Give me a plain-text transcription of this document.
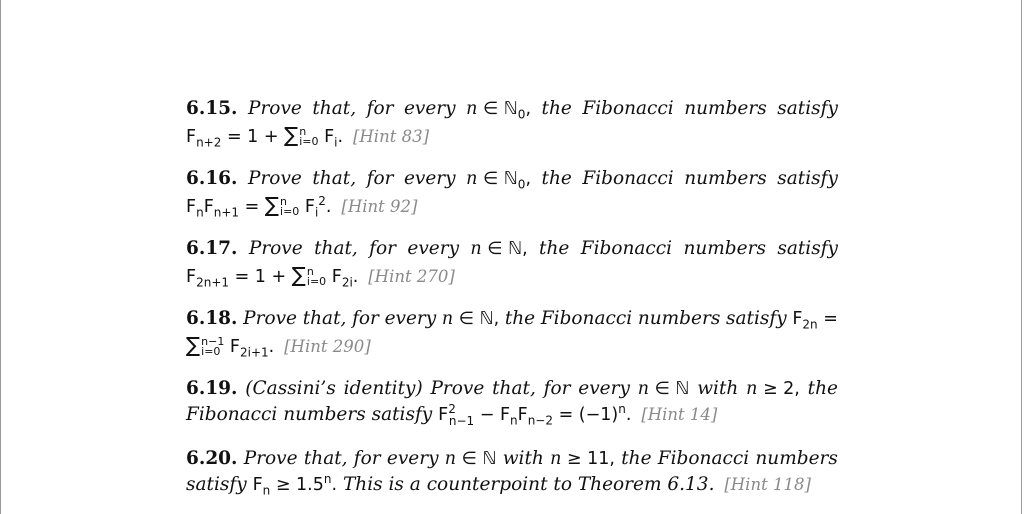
6.15. Prove that, for every n ∈ ℕ$_0$, the Fibonacci numbers satisfy
$F_{n+2} = 1$ + ∑ n
i=0 $F_i$. [Hint 83]
6.16. Prove that, for every n ∈ ℕ$_0$, the Fibonacci numbers satisfy
$F_nF_{n+1}$ = ∑ n
i=0 $F_i^2$. [Hint 92]
6.17. Prove that, for every n ∈ ℕ, the Fibonacci numbers satisfy
$F_{2n+1} = 1$ + ∑ n
i=0 $F_{2i}$. [Hint 270]
6.18. Prove that, for every n ∈ ℕ, the Fibonacci numbers satisfy $F_{2n}$ =
∑ n−1
i=0 $F_{2i+1}$. [Hint 290]
6.19. (Cassini’s identity) Prove that, for every n ∈ ℕ with n ≥ 2, the
Fibonacci numbers satisfy $F^2_{n-1} - F_nF_{n-2} = (-1)^n$. [Hint 14]
6.20. Prove that, for every n ∈ ℕ with n ≥ 11, the Fibonacci numbers
satisfy $F_n \ge 1.5^n$. This is a counterpoint to Theorem 6.13. [Hint 118]
